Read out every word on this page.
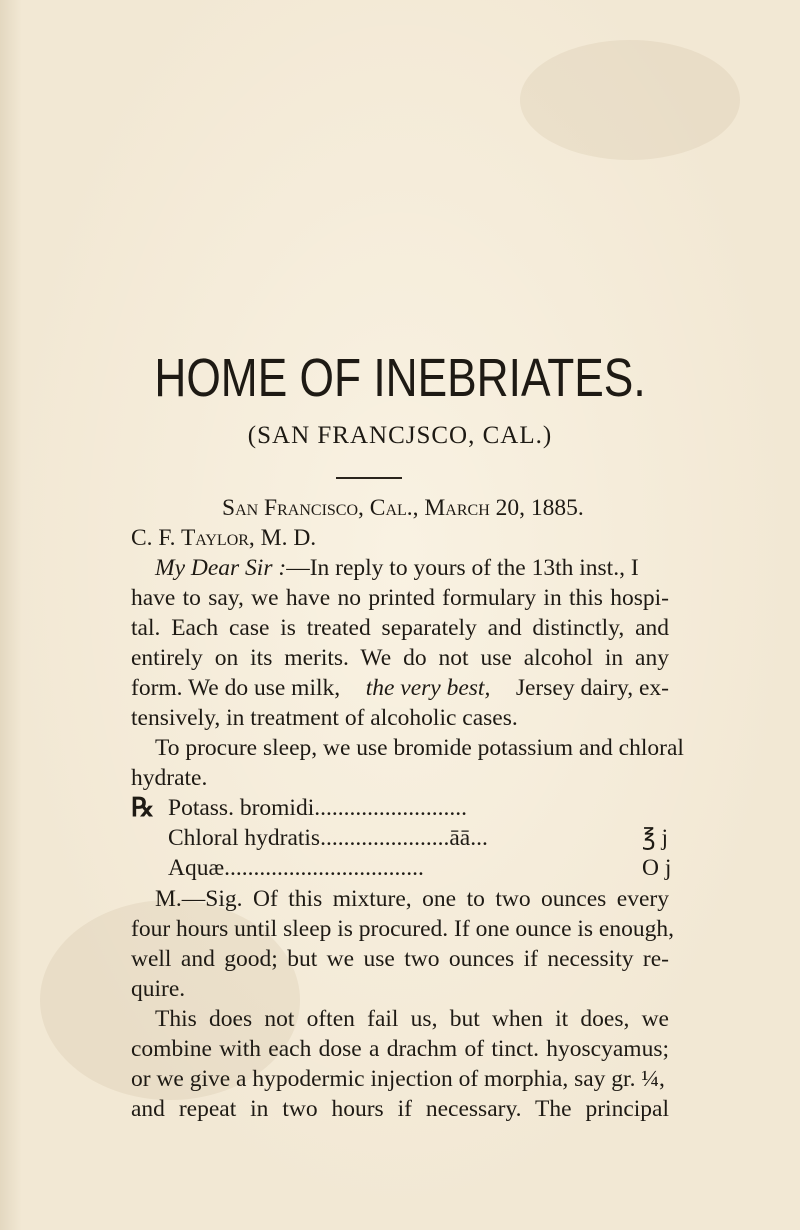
HOME OF INEBRIATES.
(SAN FRANCJSCO, CAL.)
San Francisco, Cal., March 20, 1885.
C. F. Taylor, M. D.
My Dear Sir :—In reply to yours of the 13th inst., I
have to say, we have no printed formulary in this hospi-
tal. Each case is treated separately and distinctly, and
entirely on its merits. We do not use alcohol in any
form. We do use milk, the very best, Jersey dairy, ex-
tensively, in treatment of alcoholic cases.
To procure sleep, we use bromide potassium and chloral
hydrate.
℞ Potass. bromidi..........................
Chloral hydratis......................āā...	℥ j
Aquæ..................................	O j
M.—Sig. Of this mixture, one to two ounces every
four hours until sleep is procured. If one ounce is enough,
well and good; but we use two ounces if necessity re-
quire.
This does not often fail us, but when it does, we
combine with each dose a drachm of tinct. hyoscyamus;
or we give a hypodermic injection of morphia, say gr. ¼,
and repeat in two hours if necessary. The principal
